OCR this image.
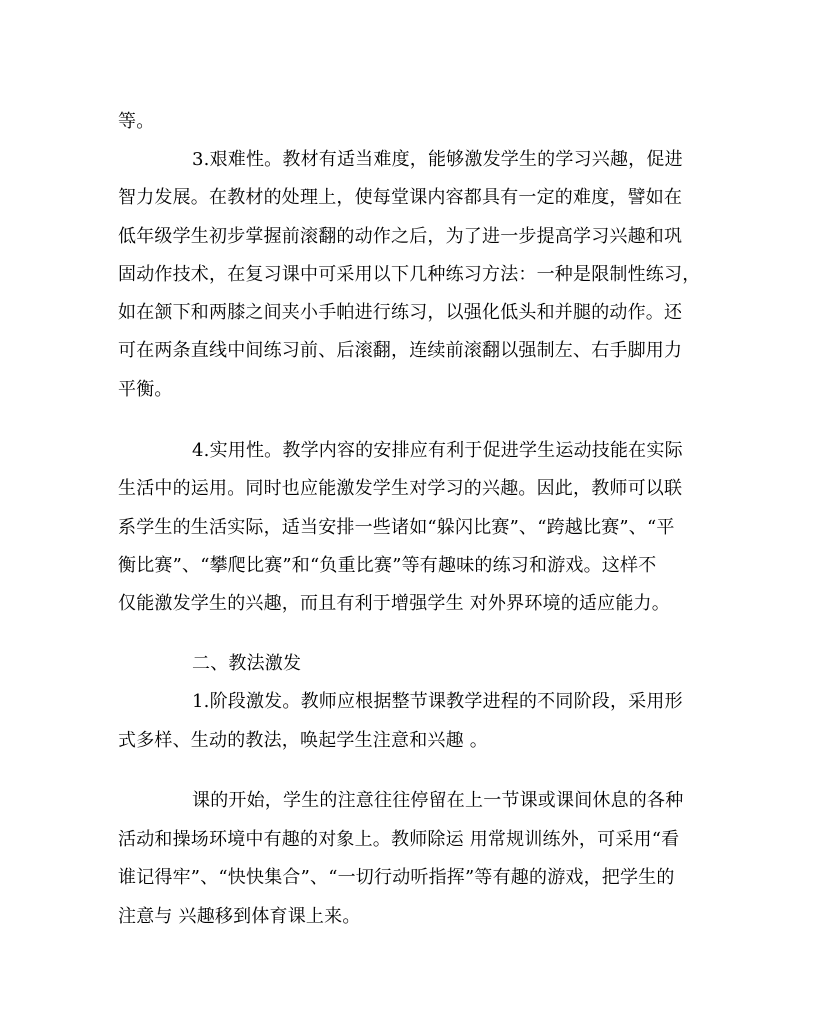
等。
3.艰难性。教材有适当难度，能够激发学生的学习兴趣，促进
智力发展。在教材的处理上，使每堂课内容都具有一定的难度，譬如在
低年级学生初步掌握前滚翻的动作之后，为了进一步提高学习兴趣和巩
固动作技术，在复习课中可采用以下几种练习方法：一种是限制性练习，
如在颔下和两膝之间夹小手帕进行练习，以强化低头和并腿的动作。还
可在两条直线中间练习前、后滚翻，连续前滚翻以强制左、右手脚用力
平衡。
4.实用性。教学内容的安排应有利于促进学生运动技能在实际
生活中的运用。同时也应能激发学生对学习的兴趣。因此，教师可以联
系学生的生活实际，适当安排一些诸如“躲闪比赛”、“跨越比赛”、“平
衡比赛”、“攀爬比赛”和“负重比赛”等有趣味的练习和游戏。这样不
仅能激发学生的兴趣，而且有利于增强学生 对外界环境的适应能力。
二、教法激发
1.阶段激发。教师应根据整节课教学进程的不同阶段，采用形
式多样、生动的教法，唤起学生注意和兴趣 。
课的开始，学生的注意往往停留在上一节课或课间休息的各种
活动和操场环境中有趣的对象上。教师除运 用常规训练外，可采用“看
谁记得牢”、“快快集合”、“一切行动听指挥”等有趣的游戏，把学生的
注意与 兴趣移到体育课上来。
